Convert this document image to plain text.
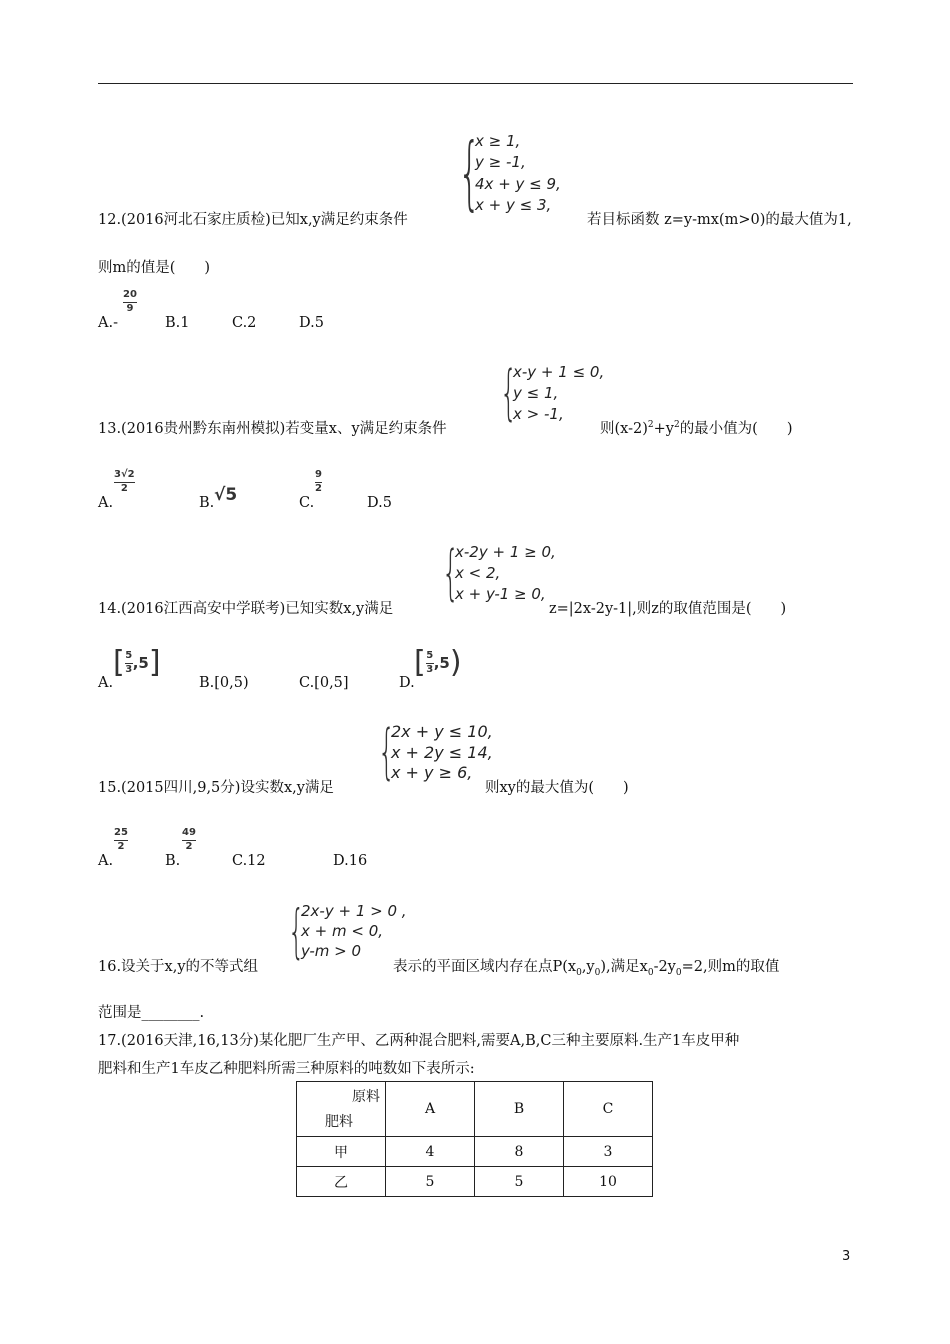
{
x ≥ 1,
y ≥ -1,
4x + y ≤ 9,
x + y ≤ 3,
12.(2016河北石家庄质检)已知x,y满足约束条件	若目标函数 z=y-mx(m>0)的最大值为1,
则m的值是(　　)
A.-
20
9
B.1	C.2	D.5
{
x-y + 1 ≤ 0,
y ≤ 1,
x > -1,
13.(2016贵州黔东南州模拟)若变量x、y满足约束条件	则$(x-2)^2+y^2$的最小值为(　　)
A.
3√2
2
B. √5	C.
9
2
D.5
{
x-2y + 1 ≥ 0,
x < 2,
x + y-1 ≥ 0,
14.(2016江西高安中学联考)已知实数x,y满足	z=|2x-2y-1|,则z的取值范围是(　　)
A.
[ 5
3 ,5 ]
B.[0,5)	C.[0,5]	D.
[ 5
3 ,5 )
{
2x + y ≤ 10,
x + 2y ≤ 14,
x + y ≥ 6,
15.(2015四川,9,5分)设实数x,y满足	则xy的最大值为(　　)
A.
25
2
B.
49
2
C.12	D.16
{
2x-y + 1 > 0 ,
x + m < 0,
y-m > 0
16.设关于x,y的不等式组	表示的平面区域内存在点$P(x_0,y_0)$,满足$x_0-2y_0=2$,则m的取值
范围是________.
17.(2016天津,16,13分)某化肥厂生产甲、乙两种混合肥料,需要A,B,C三种主要原料.生产1车皮甲种
肥料和生产1车皮乙种肥料所需三种原料的吨数如下表所示:
原料
肥料	A	B	C
甲	4	8	3
乙	5	5	10
3
